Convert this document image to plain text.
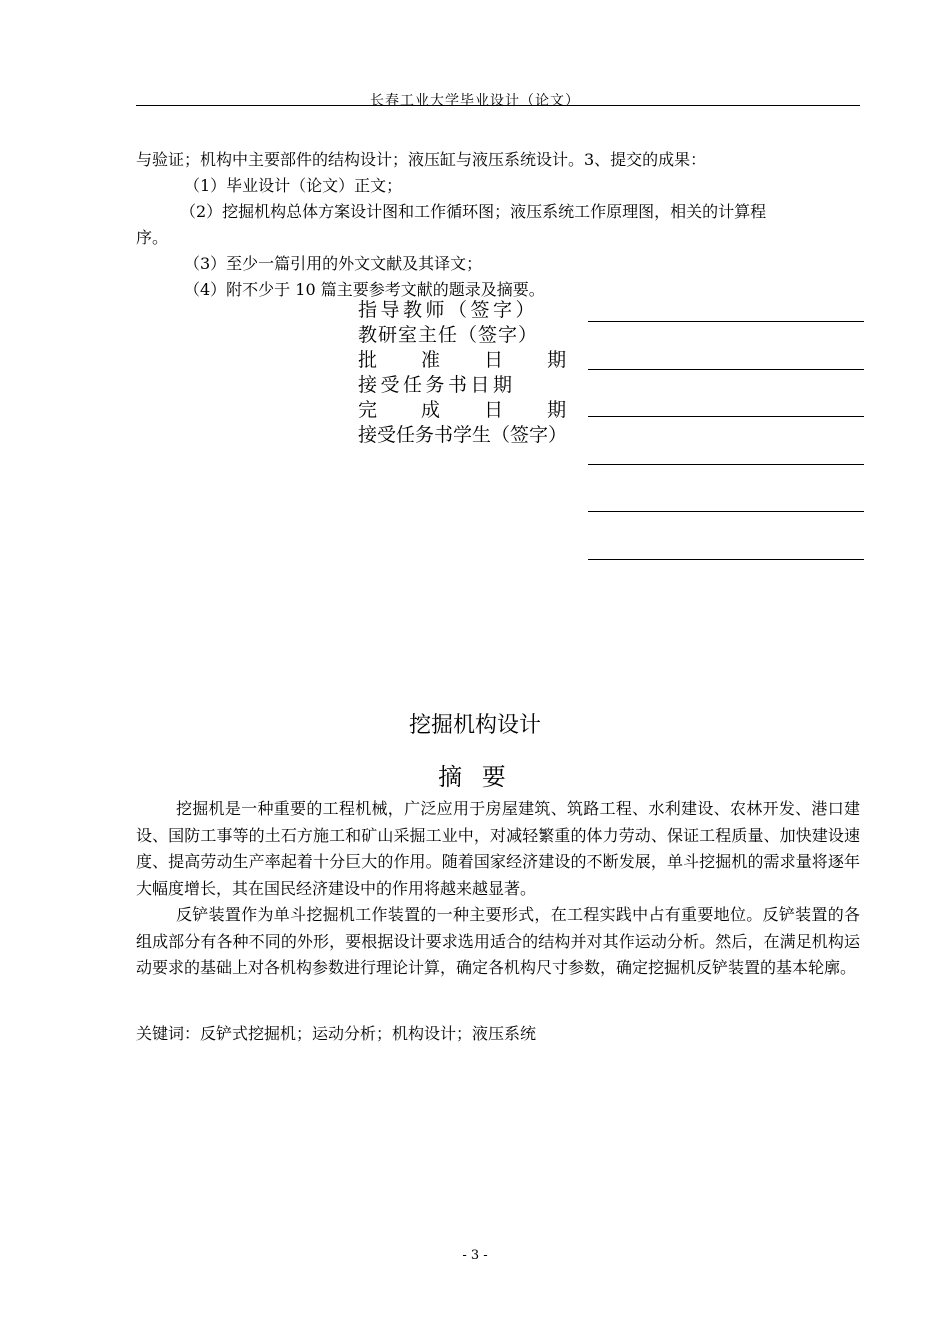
长春工业大学毕业设计（论文）

与验证；机构中主要部件的结构设计；液压缸与液压系统设计。3、提交的成果：

（1）毕业设计（论文）正文；

（2）挖掘机构总体方案设计图和工作循环图；液压系统工作原理图，相关的计算程

序。

（3）至少一篇引用的外文文献及其译文；

（4）附不少于 10 篇主要参考文献的题录及摘要。

指导教师（签字）
教研室主任（签字）
批 准 日 期
接受任务书日期
完 成 日 期
接受任务书学生（签字）
挖掘机构设计
摘 要

挖掘机是一种重要的工程机械，广泛应用于房屋建筑、筑路工程、水利建设、农林开发、港口建设、国防工事等的土石方施工和矿山采掘工业中，对减轻繁重的体力劳动、保证工程质量、加快建设速度、提高劳动生产率起着十分巨大的作用。随着国家经济建设的不断发展，单斗挖掘机的需求量将逐年大幅度增长，其在国民经济建设中的作用将越来越显著。

反铲装置作为单斗挖掘机工作装置的一种主要形式，在工程实践中占有重要地位。反铲装置的各组成部分有各种不同的外形，要根据设计要求选用适合的结构并对其作运动分析。然后，在满足机构运动要求的基础上对各机构参数进行理论计算，确定各机构尺寸参数，确定挖掘机反铲装置的基本轮廓。

关键词：反铲式挖掘机；运动分析；机构设计；液压系统
- 3 -
